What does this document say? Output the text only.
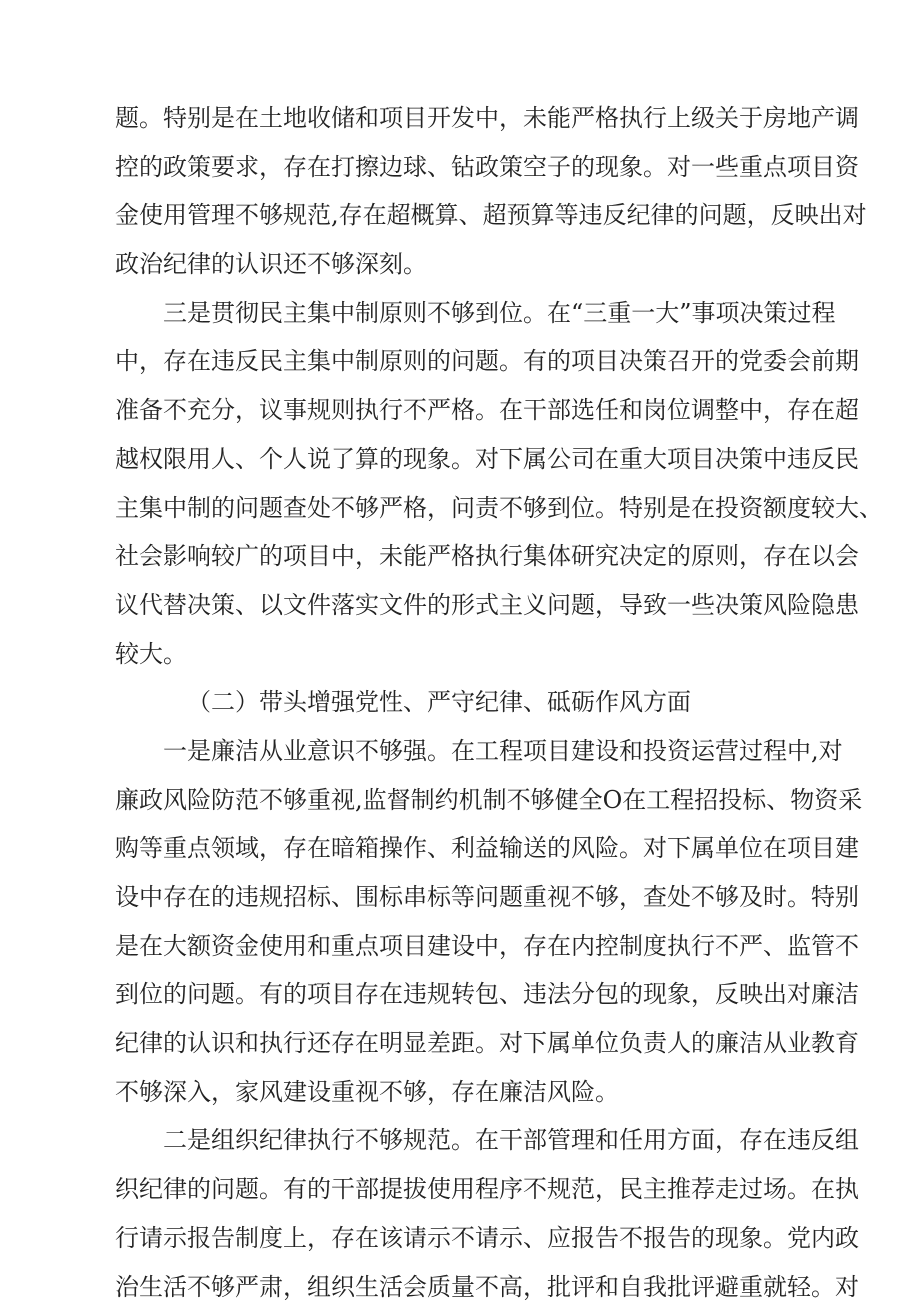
题。特别是在土地收储和项目开发中，未能严格执行上级关于房地产调
控的政策要求，存在打擦边球、钻政策空子的现象。对一些重点项目资
金使用管理不够规范,存在超概算、超预算等违反纪律的问题，反映出对
政治纪律的认识还不够深刻。
三是贯彻民主集中制原则不够到位。在“三重一大”事项决策过程
中，存在违反民主集中制原则的问题。有的项目决策召开的党委会前期
准备不充分，议事规则执行不严格。在干部选任和岗位调整中，存在超
越权限用人、个人说了算的现象。对下属公司在重大项目决策中违反民
主集中制的问题查处不够严格，问责不够到位。特别是在投资额度较大、
社会影响较广的项目中，未能严格执行集体研究决定的原则，存在以会
议代替决策、以文件落实文件的形式主义问题，导致一些决策风险隐患
较大。
（二）带头增强党性、严守纪律、砥砺作风方面
一是廉洁从业意识不够强。在工程项目建设和投资运营过程中,对
廉政风险防范不够重视,监督制约机制不够健全O在工程招投标、物资采
购等重点领域，存在暗箱操作、利益输送的风险。对下属单位在项目建
设中存在的违规招标、围标串标等问题重视不够，查处不够及时。特别
是在大额资金使用和重点项目建设中，存在内控制度执行不严、监管不
到位的问题。有的项目存在违规转包、违法分包的现象，反映出对廉洁
纪律的认识和执行还存在明显差距。对下属单位负责人的廉洁从业教育
不够深入，家风建设重视不够，存在廉洁风险。
二是组织纪律执行不够规范。在干部管理和任用方面，存在违反组
织纪律的问题。有的干部提拔使用程序不规范，民主推荐走过场。在执
行请示报告制度上，存在该请示不请示、应报告不报告的现象。党内政
治生活不够严肃，组织生活会质量不高，批评和自我批评避重就轻。对
